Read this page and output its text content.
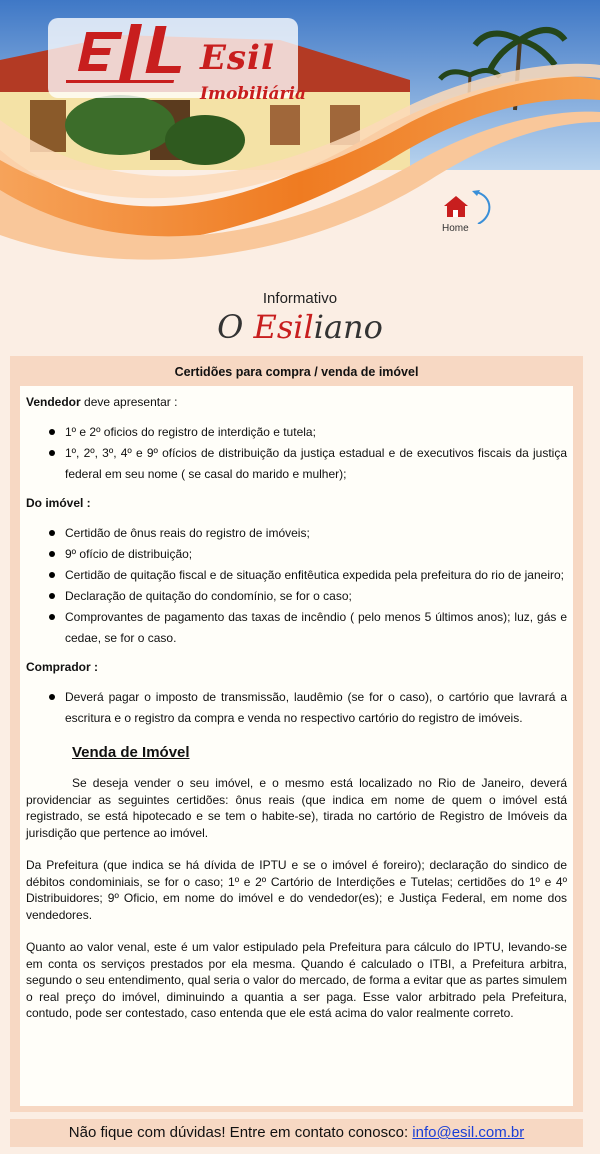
Esil
Imobiliária
Home
Informativo
O Esiliano
Certidões para compra / venda de imóvel
Vendedor deve apresentar :
1º e 2º oficios do registro de interdição e tutela;
1º, 2º, 3º, 4º e 9º ofícios de distribuição da justiça estadual e de executivos fiscais da justiça federal em seu nome ( se casal do marido e mulher);
Do imóvel :
Certidão de ônus reais do registro de imóveis;
9º ofício de distribuição;
Certidão de quitação fiscal e de situação enfitêutica expedida pela prefeitura do rio de janeiro;
Declaração de quitação do condomínio, se for o caso;
Comprovantes de pagamento das taxas de incêndio ( pelo menos 5 últimos anos); luz, gás e cedae, se for o caso.
Comprador :
Deverá pagar o imposto de transmissão, laudêmio (se for o caso), o cartório que lavrará a escritura e o registro da compra e venda no respectivo cartório do registro de imóveis.
Venda de Imóvel

Se deseja vender o seu imóvel, e o mesmo está localizado no Rio de Janeiro, deverá providenciar as seguintes certidões: ônus reais (que indica em nome de quem o imóvel está registrado, se está hipotecado e se tem o habite-se), tirada no cartório de Registro de Imóveis da jurisdição que pertence ao imóvel.

Da Prefeitura (que indica se há dívida de IPTU e se o imóvel é foreiro); declaração do sindico de débitos condominiais, se for o caso; 1º e 2º Cartório de Interdições e Tutelas; certidões do 1º e 4º Distribuidores; 9º Oficio, em nome do imóvel e do vendedor(es); e Justiça Federal, em nome dos vendedores.

Quanto ao valor venal, este é um valor estipulado pela Prefeitura para cálculo do IPTU, levando-se em conta os serviços prestados por ela mesma. Quando é calculado o ITBI, a Prefeitura arbitra, segundo o seu entendimento, qual seria o valor do mercado, de forma a evitar que as partes simulem o real preço do imóvel, diminuindo a quantia a ser paga. Esse valor arbitrado pela Prefeitura, contudo, pode ser contestado, caso entenda que ele está acima do valor realmente correto.

Não fique com dúvidas! Entre em contato conosco: info@esil.com.br
